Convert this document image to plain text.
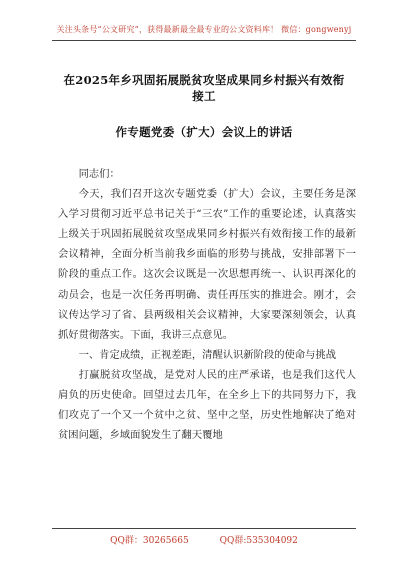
关注头条号“公文研究”，获得最新最全最专业的公文资料库！ 微信：gongwenyj
在2025年乡巩固拓展脱贫攻坚成果同乡村振兴有效衔接工
作专题党委（扩大）会议上的讲话

同志们：

今天，我们召开这次专题党委（扩大）会议，主要任务是深入学习贯彻习近平总书记关于“三农”工作的重要论述，认真落实上级关于巩固拓展脱贫攻坚成果同乡村振兴有效衔接工作的最新会议精神，全面分析当前我乡面临的形势与挑战，安排部署下一阶段的重点工作。这次会议既是一次思想再统一、认识再深化的动员会，也是一次任务再明确、责任再压实的推进会。刚才，会议传达学习了省、县两级相关会议精神，大家要深刻领会，认真抓好贯彻落实。下面，我讲三点意见。

一、肯定成绩，正视差距，清醒认识新阶段的使命与挑战

打赢脱贫攻坚战，是党对人民的庄严承诺，也是我们这代人肩负的历史使命。回望过去几年，在全乡上下的共同努力下，我们攻克了一个又一个贫中之贫、坚中之坚，历史性地解决了绝对贫困问题，乡域面貌发生了翻天覆地

QQ群：30265665	QQ群:535304092
